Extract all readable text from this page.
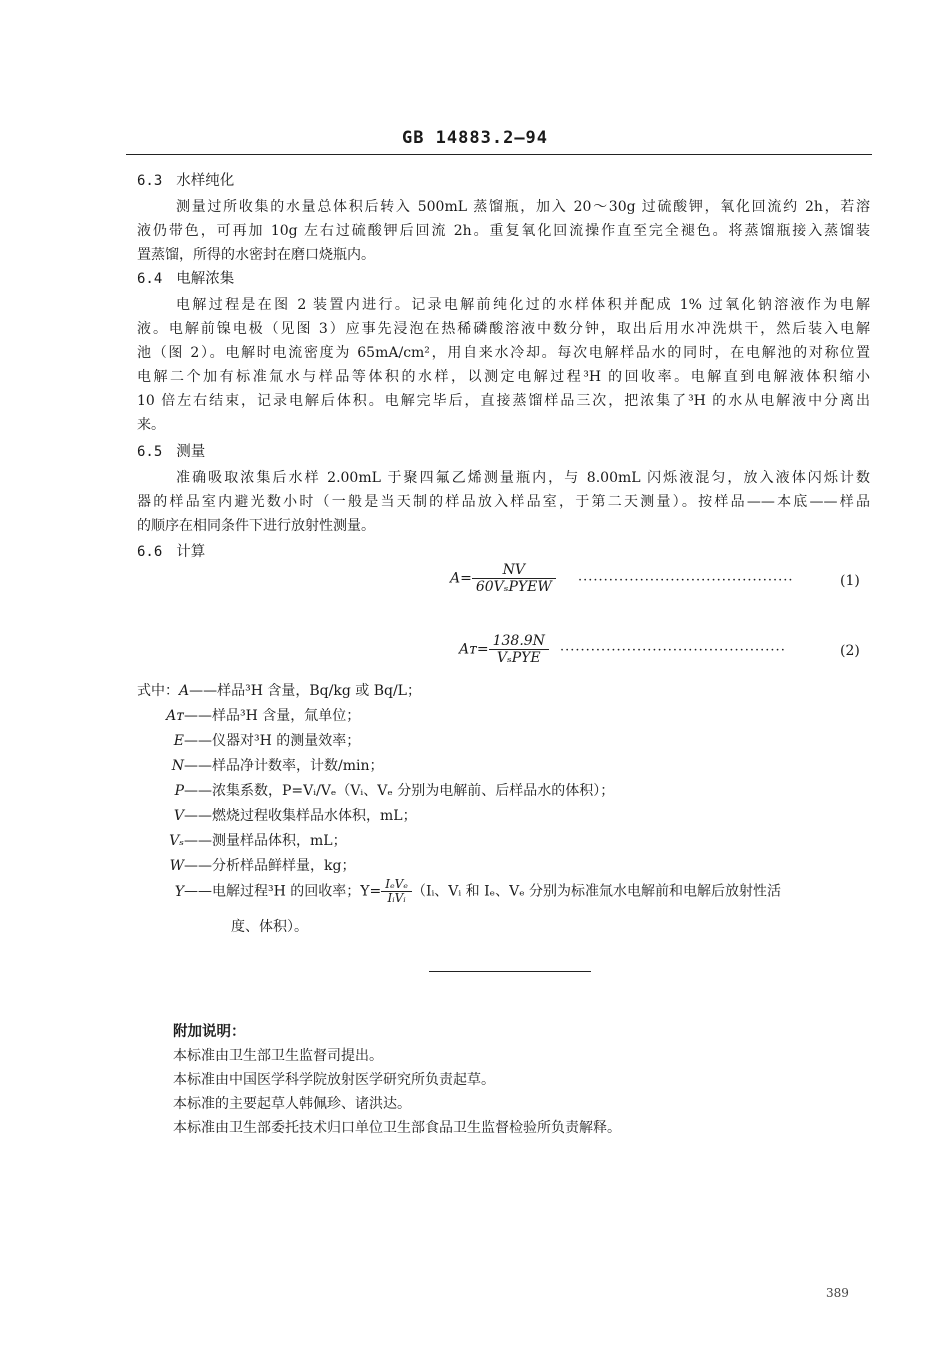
GB 14883.2—94
6.3 水样纯化
测量过所收集的水量总体积后转入 500mL 蒸馏瓶，加入 20～30g 过硫酸钾，氧化回流约 2h，若溶
液仍带色，可再加 10g 左右过硫酸钾后回流 2h。重复氧化回流操作直至完全褪色。将蒸馏瓶接入蒸馏装
置蒸馏，所得的水密封在磨口烧瓶内。
6.4 电解浓集
电解过程是在图 2 装置内进行。记录电解前纯化过的水样体积并配成 1% 过氧化钠溶液作为电解
液。电解前镍电极（见图 3）应事先浸泡在热稀磷酸溶液中数分钟，取出后用水冲洗烘干，然后装入电解
池（图 2）。电解时电流密度为 65mA/cm²，用自来水冷却。每次电解样品水的同时，在电解池的对称位置
电解二个加有标准氚水与样品等体积的水样，以测定电解过程³H 的回收率。电解直到电解液体积缩小
10 倍左右结束，记录电解后体积。电解完毕后，直接蒸馏样品三次，把浓集了³H 的水从电解液中分离出
来。
6.5 测量
准确吸取浓集后水样 2.00mL 于聚四氟乙烯测量瓶内，与 8.00mL 闪烁液混匀，放入液体闪烁计数
器的样品室内避光数小时（一般是当天制的样品放入样品室，于第二天测量）。按样品——本底——样品
的顺序在相同条件下进行放射性测量。
6.6 计算
$A= \frac{NV}{\text{60VₛPYEW}}$ ··········································	(1)
Aᴛ= $\frac{138.9N}{\text{VₛPYE}}$ ············································	(2)
式中：A——样品³H 含量，Bq/kg 或 Bq/L；
Aᴛ——样品³H 含量，氚单位；
E——仪器对³H 的测量效率；
N——样品净计数率，计数/min；
P——浓集系数，P=Vᵢ/Vₑ（Vᵢ、Vₑ 分别为电解前、后样品水的体积）；
V——燃烧过程收集样品水体积，mL；
Vₛ——测量样品体积，mL；
W——分析样品鲜样量，kg；
Y——电解过程³H 的回收率；$Y= \frac{\text{IₑVₑ}}{\text{IᵢVᵢ}}$ （Iᵢ、Vᵢ 和 Iₑ、Vₑ 分别为标准氚水电解前和电解后放射性活
度、体积）。
附加说明：
本标准由卫生部卫生监督司提出。
本标准由中国医学科学院放射医学研究所负责起草。
本标准的主要起草人韩佩珍、诸洪达。
本标准由卫生部委托技术归口单位卫生部食品卫生监督检验所负责解释。
389
